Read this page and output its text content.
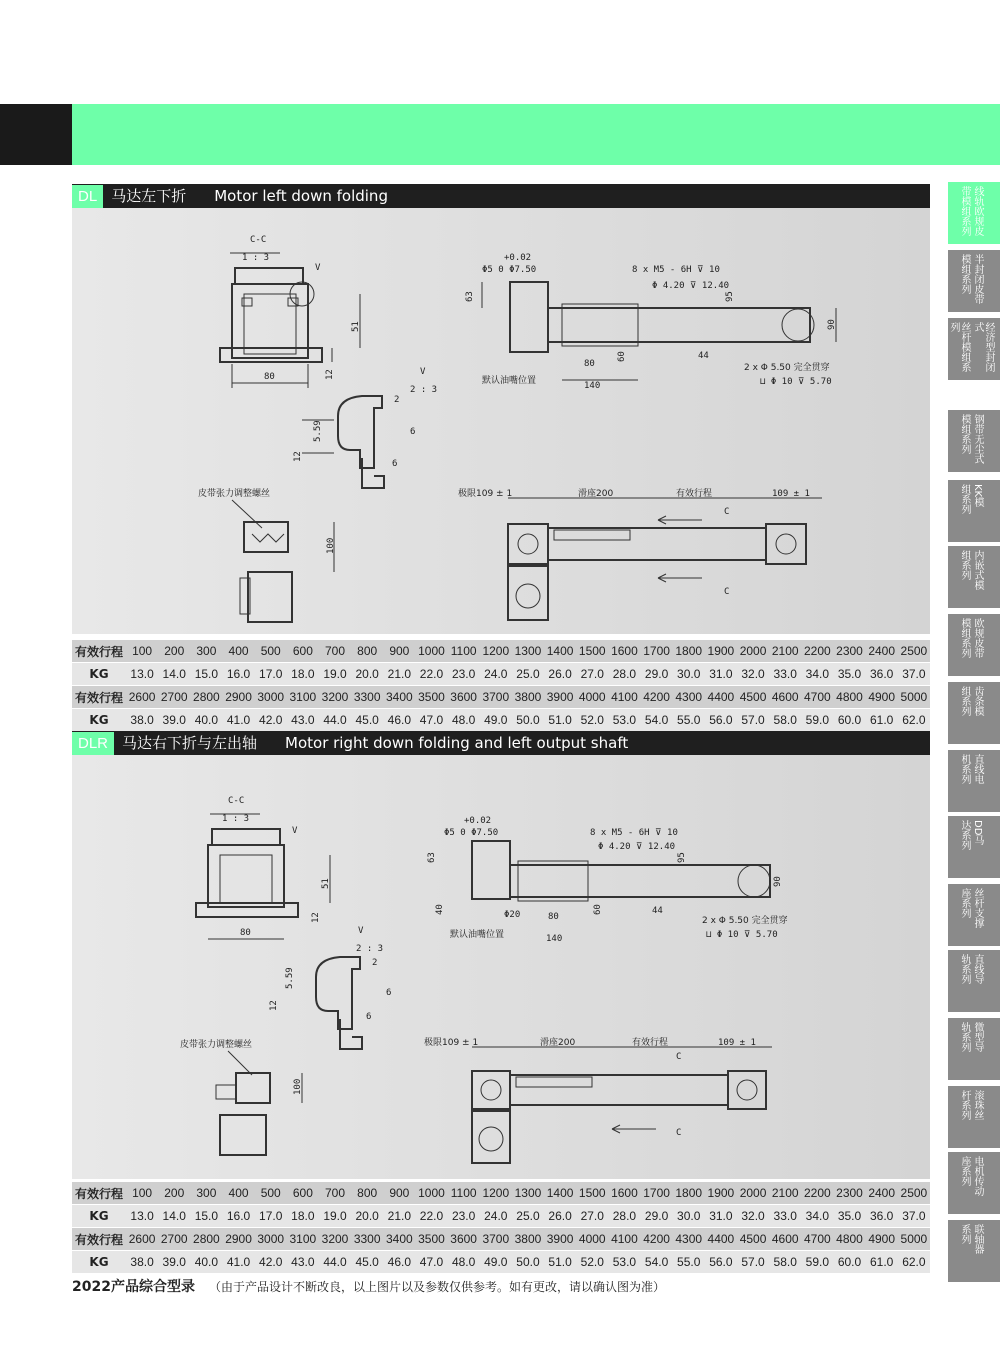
DL 马达左下折 Motor left down folding
C-C
1 : 3
V
80
51
12	V
2 : 3
5.59
12
2
6
6
皮带张力调整螺丝
100
+0.02
Φ5 0 Φ7.50	8 x M5 - 6H ⊽ 10
Φ 4.20 ⊽ 12.40
63	95
90
60
80
44
140
默认油嘴位置
2 x Φ 5.50 完全贯穿
⊔ Φ 10 ⊽ 5.70
极限109 ± 1	滑座200	有效行程	109 ± 1
C
C
有效行程	100	200	300	400	500	600	700	800	900	1000	1100	1200	1300	1400	1500	1600	1700	1800	1900	2000	2100	2200	2300	2400	2500
KG	13.0	14.0	15.0	16.0	17.0	18.0	19.0	20.0	21.0	22.0	23.0	24.0	25.0	26.0	27.0	28.0	29.0	30.0	31.0	32.0	33.0	34.0	35.0	36.0	37.0
有效行程	2600	2700	2800	2900	3000	3100	3200	3300	3400	3500	3600	3700	3800	3900	4000	4100	4200	4300	4400	4500	4600	4700	4800	4900	5000
KG	38.0	39.0	40.0	41.0	42.0	43.0	44.0	45.0	46.0	47.0	48.0	49.0	50.0	51.0	52.0	53.0	54.0	55.0	56.0	57.0	58.0	59.0	60.0	61.0	62.0
DLR 马达右下折与左出轴 Motor right down folding and left output shaft
C-C
1 : 3
V
80
51
12
V
2 : 3
5.59
12
2
6
6
皮带张力调整螺丝
100
+0.02
Φ5 0 Φ7.50	8 x M5 - 6H ⊽ 10
Φ 4.20 ⊽ 12.40
63	95
90
40	Φ20	60
80
44
140
默认油嘴位置
2 x Φ 5.50 完全贯穿
⊔ Φ 10 ⊽ 5.70
极限109 ± 1	滑座200	有效行程	109 ± 1
C
C
有效行程	100	200	300	400	500	600	700	800	900	1000	1100	1200	1300	1400	1500	1600	1700	1800	1900	2000	2100	2200	2300	2400	2500
KG	13.0	14.0	15.0	16.0	17.0	18.0	19.0	20.0	21.0	22.0	23.0	24.0	25.0	26.0	27.0	28.0	29.0	30.0	31.0	32.0	33.0	34.0	35.0	36.0	37.0
有效行程	2600	2700	2800	2900	3000	3100	3200	3300	3400	3500	3600	3700	3800	3900	4000	4100	4200	4300	4400	4500	4600	4700	4800	4900	5000
KG	38.0	39.0	40.0	41.0	42.0	43.0	44.0	45.0	46.0	47.0	48.0	49.0	50.0	51.0	52.0	53.0	54.0	55.0	56.0	57.0	58.0	59.0	60.0	61.0	62.0
线轨欧规皮
带模组系列
半封闭皮带
模组系列
经济型封闭式
丝杆模组系列
钢带无尘式
模组系列
KK模
组系列
内嵌式模
组系列
欧规皮带
模组系列
齿条模
组系列
直线电
机系列
DD马
达系列
丝杆支撑
座系列
直线导
轨系列
微型导
轨系列
滚珠丝
杆系列
电机传动
座系列
联轴器
系列
2022产品综合型录 （由于产品设计不断改良，以上图片以及参数仅供参考。如有更改，请以确认图为准）
